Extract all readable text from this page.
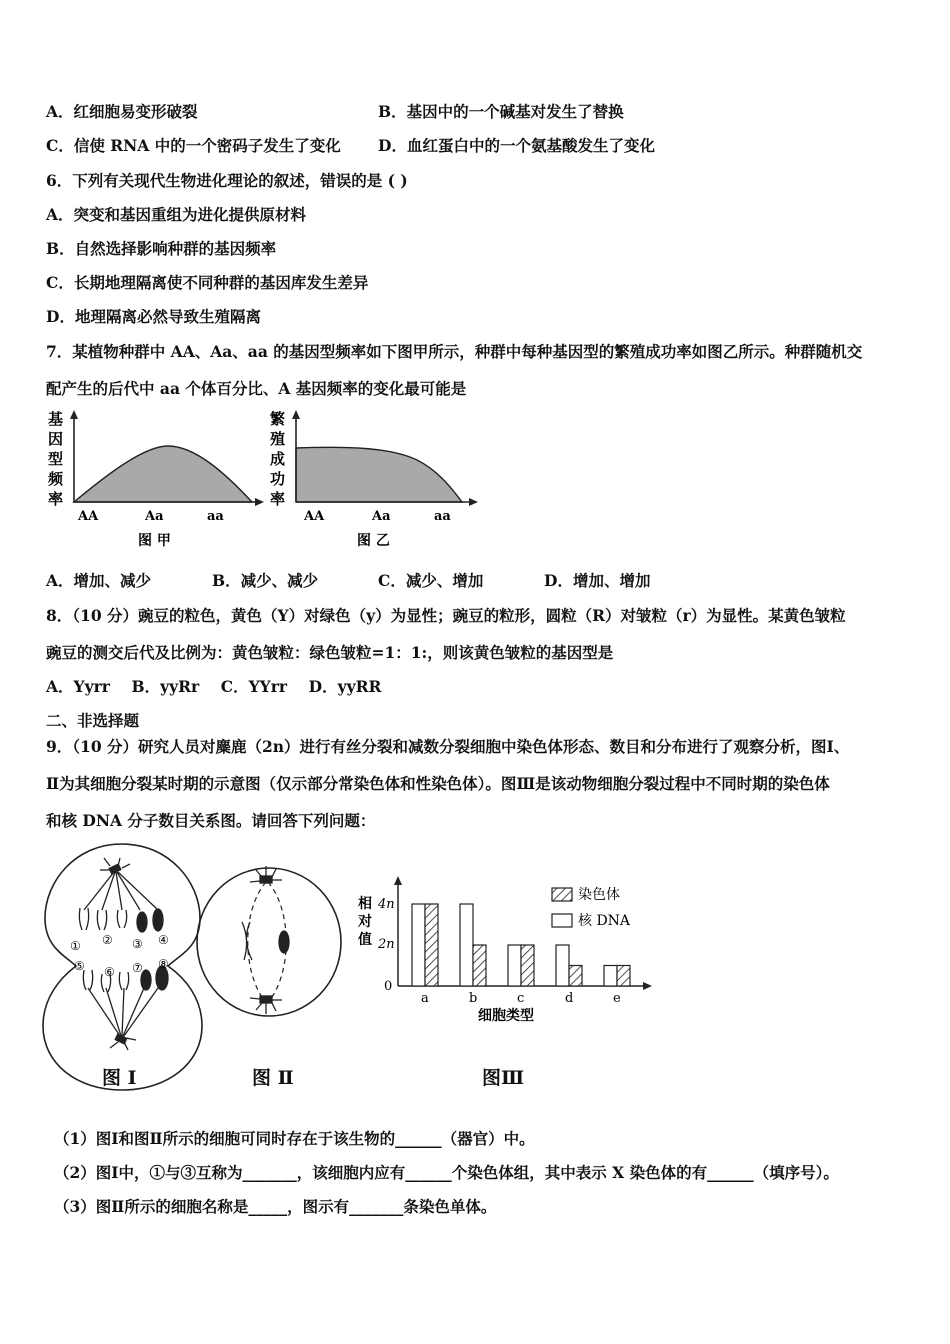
A．红细胞易变形破裂	B．基因中的一个碱基对发生了替换
C．信使 RNA 中的一个密码子发生了变化 D．血红蛋白中的一个氨基酸发生了变化
6．下列有关现代生物进化理论的叙述，错误的是 ( )
A．突变和基因重组为进化提供原材料
B．自然选择影响种群的基因频率
C．长期地理隔离使不同种群的基因库发生差异
D．地理隔离必然导致生殖隔离
7．某植物种群中 AA、Aa、aa 的基因型频率如下图甲所示，种群中每种基因型的繁殖成功率如图乙所示。种群随机交
配产生的后代中 aa 个体百分比、A 基因频率的变化最可能是
基
因
型
频
率
AA	Aa	aa
图 甲
繁
殖
成
功
率
AA	Aa	aa
图 乙
A．增加、减少	B．减少、减少	C．减少、增加	D．增加、增加
8．（10 分）豌豆的粒色，黄色（Y）对绿色（y）为显性；豌豆的粒形，圆粒（R）对皱粒（r）为显性。某黄色皱粒
豌豆的测交后代及比例为：黄色皱粒：绿色皱粒=1：1:，则该黄色皱粒的基因型是
A．Yyrr    B．yyRr    C．YYrr    D．yyRR
二、非选择题
9．（10 分）研究人员对麋鹿（2n）进行有丝分裂和减数分裂细胞中染色体形态、数目和分布进行了观察分析，图Ⅰ、
Ⅱ为其细胞分裂某时期的示意图（仅示部分常染色体和性染色体）。图Ⅲ是该动物细胞分裂过程中不同时期的染色体
和核 DNA 分子数目关系图。请回答下列问题：
① ② ③ ④
⑤ ⑥ ⑦ ⑧
图 Ⅰ	图 Ⅱ
相
对
值
4n
2n
0
a	b	c	d	e
细胞类型
染色体
核 DNA
图Ⅲ
（1）图Ⅰ和图Ⅱ所示的细胞可同时存在于该生物的______（器官）中。
（2）图Ⅰ中，①与③互称为_______，该细胞内应有______个染色体组，其中表示 X 染色体的有______（填序号）。
（3）图Ⅱ所示的细胞名称是_____，图示有_______条染色单体。
